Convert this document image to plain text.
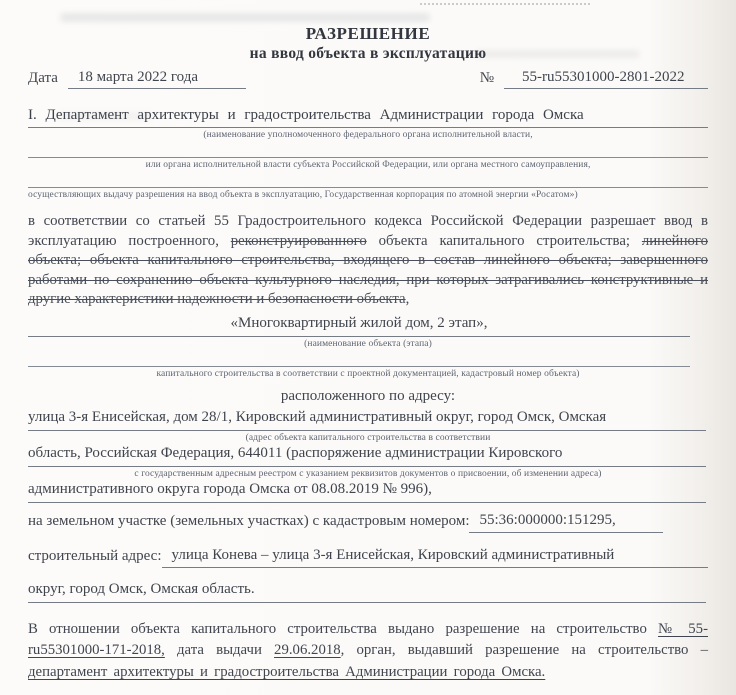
РАЗРЕШЕНИЕ
на ввод объекта в эксплуатацию
Дата	18 марта 2022 года	№	55-ru55301000-2801-2022
I. Департамент архитектуры и градостроительства Администрации города Омска
(наименование уполномоченного федерального органа исполнительной власти,
или органа исполнительной власти субъекта Российской Федерации, или органа местного самоуправления,
осуществляющих выдачу разрешения на ввод объекта в эксплуатацию, Государственная корпорация по атомной энергии «Росатом»)
в соответствии со статьей 55 Градостроительного кодекса Российской Федерации разрешает ввод в эксплуатацию построенного, реконструированного объекта капитального строительства; линейного объекта; объекта капитального строительства, входящего в состав линейного объекта; завершенного работами по сохранению объекта культурного наследия, при которых затрагивались конструктивные и другие характеристики надежности и безопасности объекта,
«Многоквартирный жилой дом, 2 этап»,
(наименование объекта (этапа)
капитального строительства в соответствии с проектной документацией, кадастровый номер объекта)
расположенного по адресу:
улица 3-я Енисейская, дом 28/1, Кировский административный округ, город Омск, Омская
(адрес объекта капитального строительства в соответствии
область, Российская Федерация, 644011 (распоряжение администрации Кировского
с государственным адресным реестром с указанием реквизитов документов о присвоении, об изменении адреса)
административного округа города Омска от 08.08.2019 № 996),
на земельном участке (земельных участках) с кадастровым номером: 55:36:000000:151295,
строительный адрес: улица Конева – улица 3-я Енисейская, Кировский административный
округ, город Омск, Омская область.
В отношении объекта капитального строительства выдано разрешение на строительство № 55-ru55301000-171-2018, дата выдачи 29.06.2018, орган, выдавший разрешение на строительство – департамент архитектуры и градостроительства Администрации города Омска.
